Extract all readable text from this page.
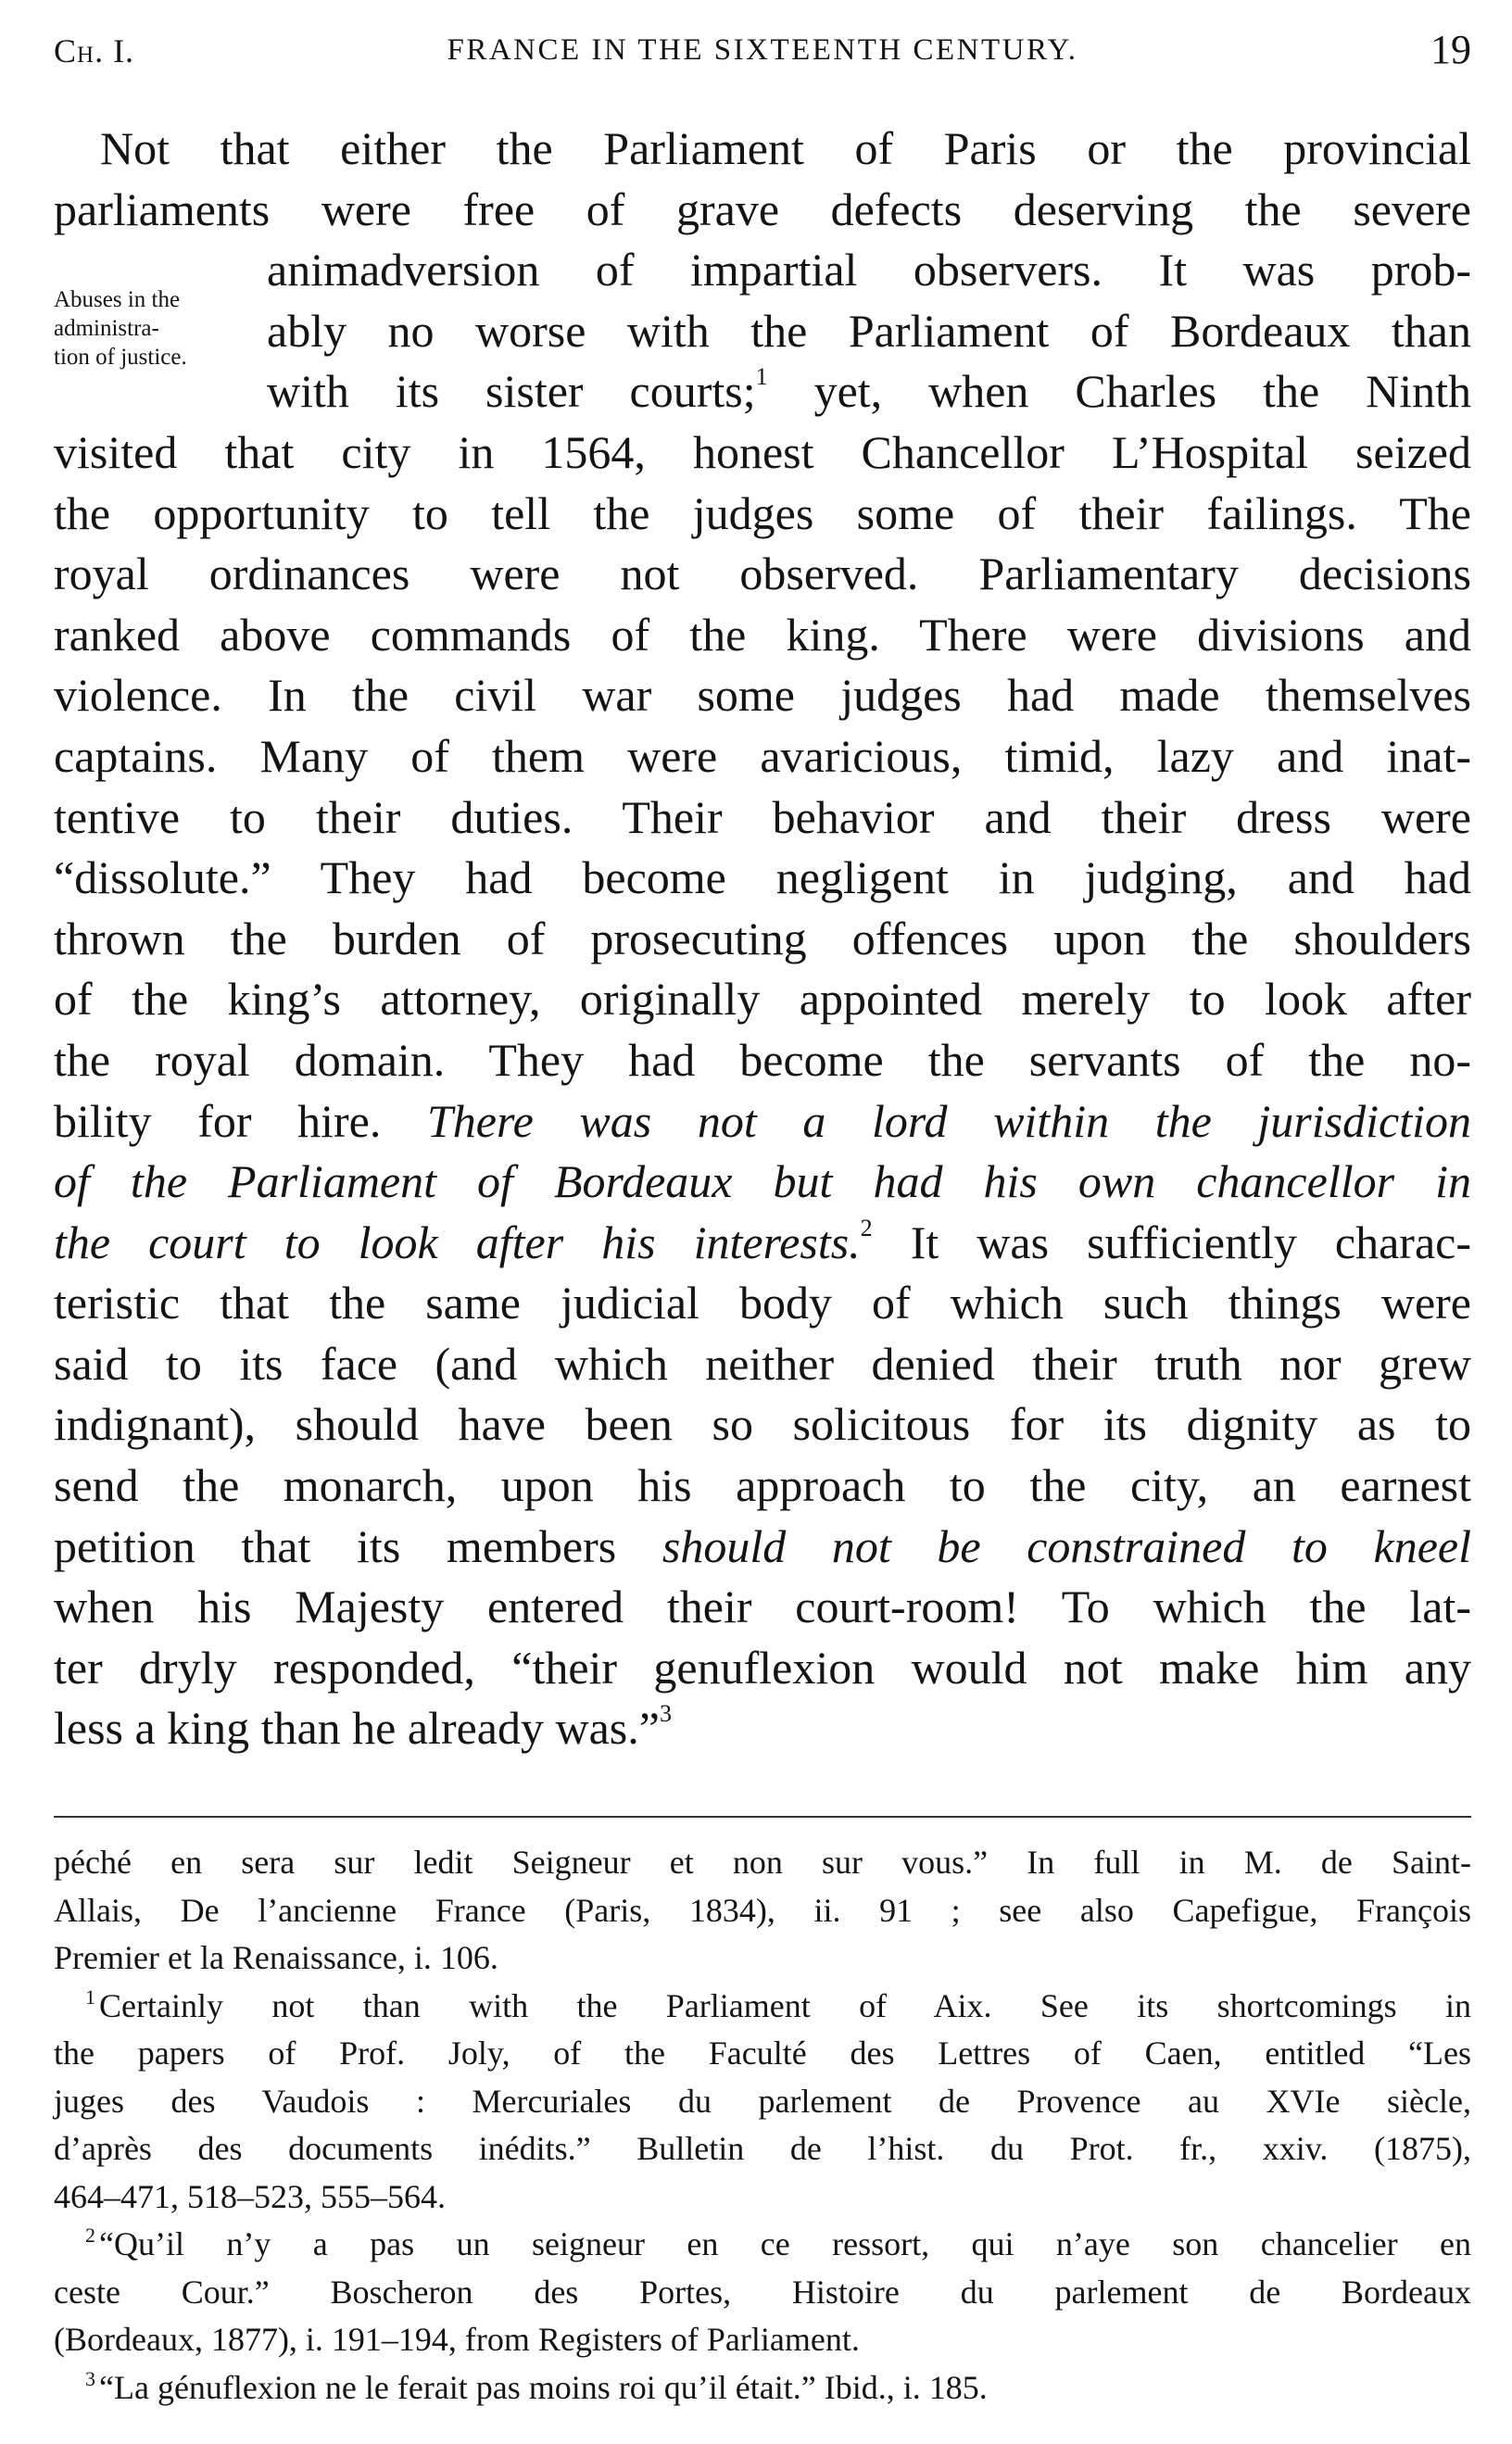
Ch. I.	FRANCE IN THE SIXTEENTH CENTURY.	19
Abuses in the
administra-
tion of justice.
Not that either the Parliament of Paris or the provincial
parliaments were free of grave defects deserving the severe
animadversion of impartial observers. It was prob-
ably no worse with the Parliament of Bordeaux than
with its sister courts;$^1$ yet, when Charles the Ninth
visited that city in 1564, honest Chancellor L’Hospital seized
the opportunity to tell the judges some of their failings. The
royal ordinances were not observed. Parliamentary decisions
ranked above commands of the king. There were divisions and
violence. In the civil war some judges had made themselves
captains. Many of them were avaricious, timid, lazy and inat-
tentive to their duties. Their behavior and their dress were
“dissolute.” They had become negligent in judging, and had
thrown the burden of prosecuting offences upon the shoulders
of the king’s attorney, originally appointed merely to look after
the royal domain. They had become the servants of the no-
bility for hire. There was not a lord within the jurisdiction
of the Parliament of Bordeaux but had his own chancellor in
the court to look after his interests.$^2$ It was sufficiently charac-
teristic that the same judicial body of which such things were
said to its face (and which neither denied their truth nor grew
indignant), should have been so solicitous for its dignity as to
send the monarch, upon his approach to the city, an earnest
petition that its members should not be constrained to kneel
when his Majesty entered their court-room! To which the lat-
ter dryly responded, “their genuflexion would not make him any
less a king than he already was.”$^3$
péché en sera sur ledit Seigneur et non sur vous.” In full in M. de Saint-
Allais, De l’ancienne France (Paris, 1834), ii. 91 ; see also Capefigue, François
Premier et la Renaissance, i. 106.
$^1$ Certainly not than with the Parliament of Aix. See its shortcomings in
the papers of Prof. Joly, of the Faculté des Lettres of Caen, entitled “Les
juges des Vaudois : Mercuriales du parlement de Provence au XVIe siècle,
d’après des documents inédits.” Bulletin de l’hist. du Prot. fr., xxiv. (1875),
464–471, 518–523, 555–564.
$^2$ “Qu’il n’y a pas un seigneur en ce ressort, qui n’aye son chancelier en
ceste Cour.” Boscheron des Portes, Histoire du parlement de Bordeaux
(Bordeaux, 1877), i. 191–194, from Registers of Parliament.
$^3$ “La génuflexion ne le ferait pas moins roi qu’il était.” Ibid., i. 185.
